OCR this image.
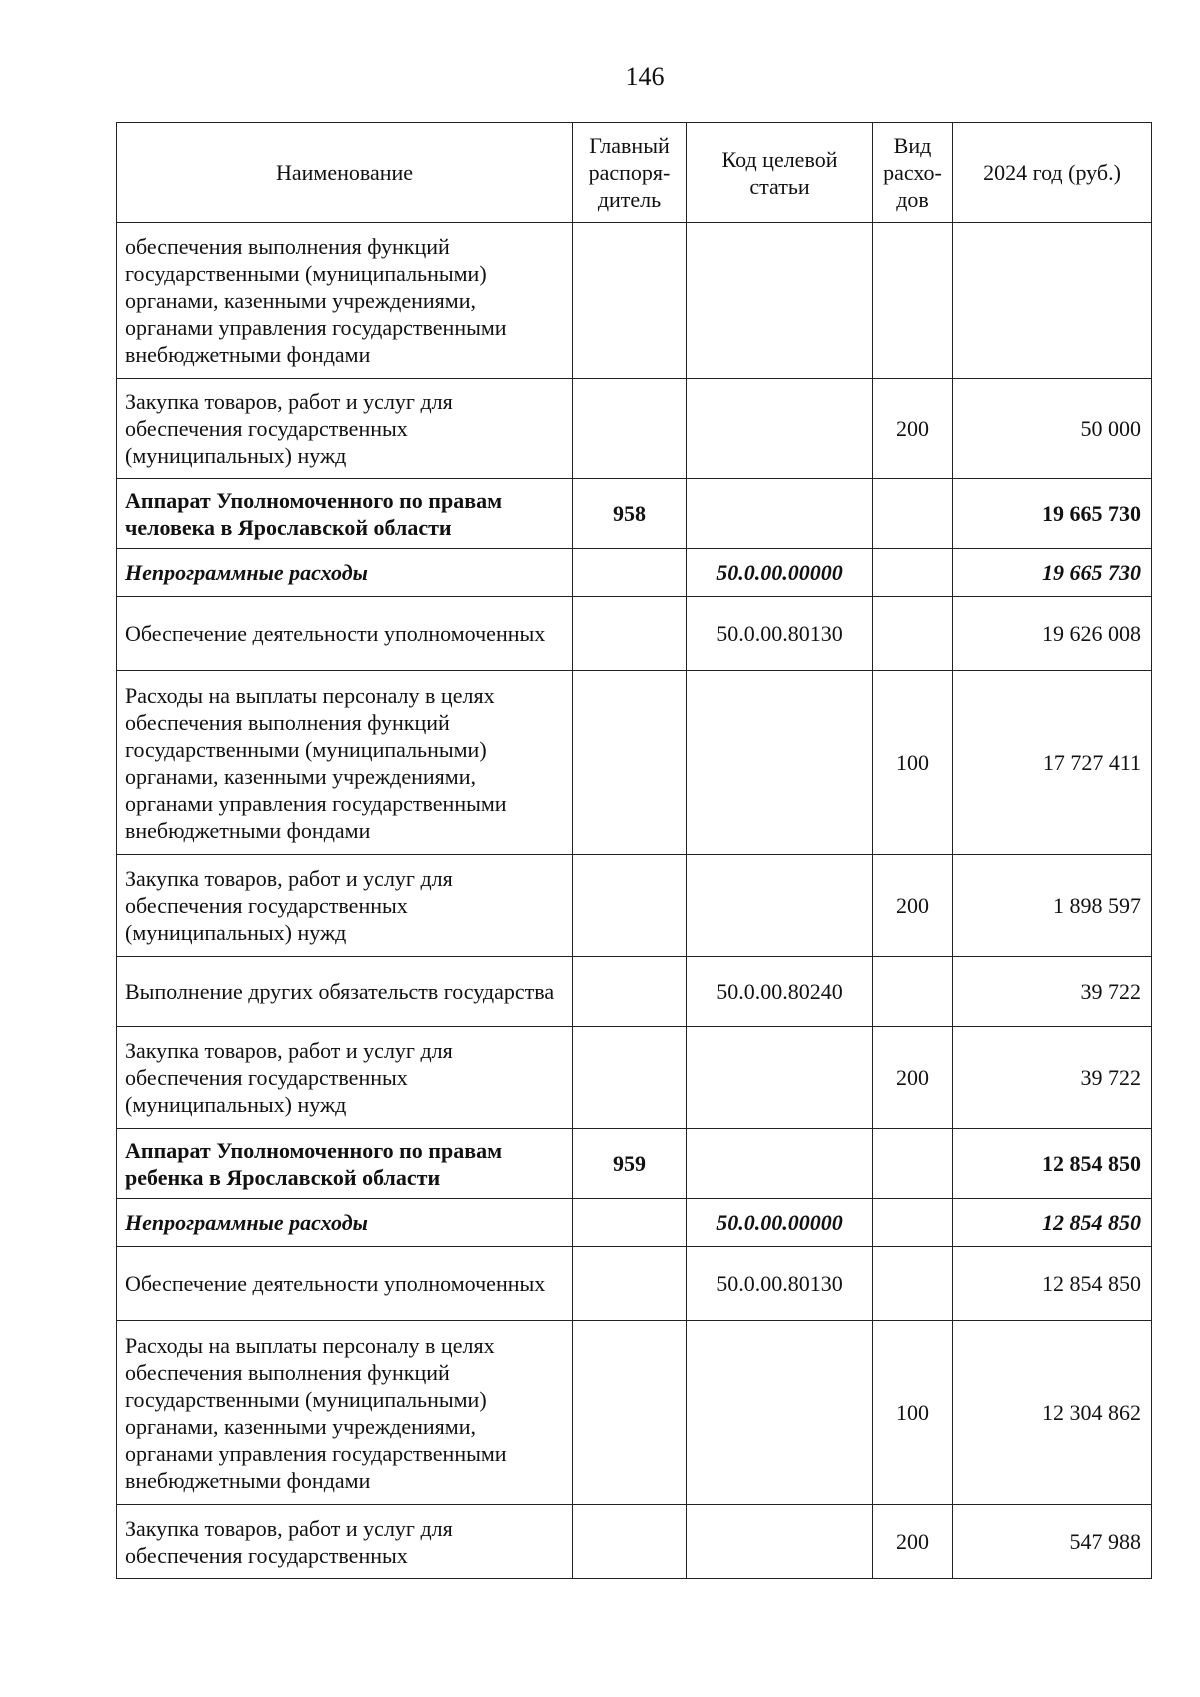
146
Наименование	Главный распоря-дитель	Код целевой статьи	Вид расхо-дов	2024 год (руб.)
обеспечения выполнения функций государственными (муниципальными) органами, казенными учреждениями, органами управления государственными внебюджетными фондами				
Закупка товаров, работ и услуг для обеспечения государственных (муниципальных) нужд			200	50 000
Аппарат Уполномоченного по правам человека в Ярославской области	958			19 665 730
Непрограммные расходы		50.0.00.00000		19 665 730
Обеспечение деятельности уполномоченных		50.0.00.80130		19 626 008
Расходы на выплаты персоналу в целях обеспечения выполнения функций государственными (муниципальными) органами, казенными учреждениями, органами управления государственными внебюджетными фондами			100	17 727 411
Закупка товаров, работ и услуг для обеспечения государственных (муниципальных) нужд			200	1 898 597
Выполнение других обязательств государства		50.0.00.80240		39 722
Закупка товаров, работ и услуг для обеспечения государственных (муниципальных) нужд			200	39 722
Аппарат Уполномоченного по правам ребенка в Ярославской области	959			12 854 850
Непрограммные расходы		50.0.00.00000		12 854 850
Обеспечение деятельности уполномоченных		50.0.00.80130		12 854 850
Расходы на выплаты персоналу в целях обеспечения выполнения функций государственными (муниципальными) органами, казенными учреждениями, органами управления государственными внебюджетными фондами			100	12 304 862
Закупка товаров, работ и услуг для обеспечения государственных			200	547 988
